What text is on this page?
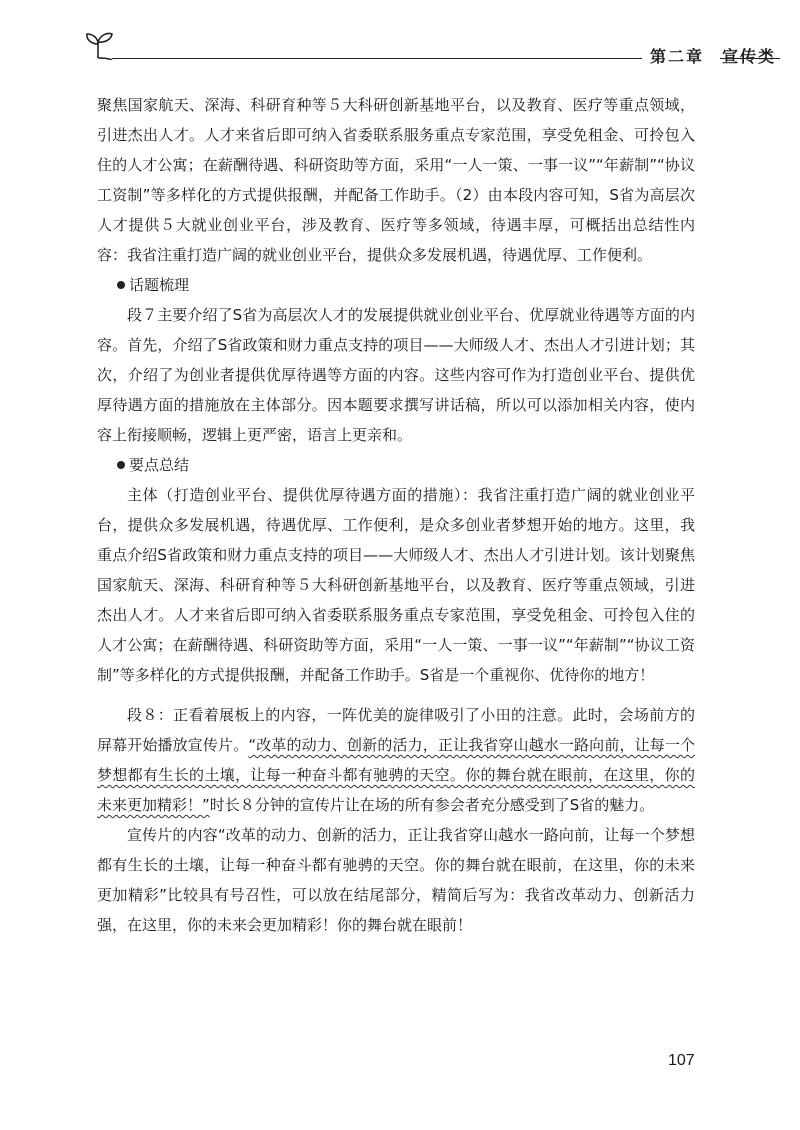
第二章　宣传类

聚焦国家航天、深海、科研育种等５大科研创新基地平台，以及教育、医疗等重点领域，引进杰出人才。人才来省后即可纳入省委联系服务重点专家范围，享受免租金、可拎包入住的人才公寓；在薪酬待遇、科研资助等方面，采用“一人一策、一事一议”“年薪制”“协议工资制”等多样化的方式提供报酬，并配备工作助手。（2）由本段内容可知，S省为高层次人才提供５大就业创业平台，涉及教育、医疗等多领域，待遇丰厚，可概括出总结性内容：我省注重打造广阔的就业创业平台，提供众多发展机遇，待遇优厚、工作便利。

话题梳理

段７主要介绍了S省为高层次人才的发展提供就业创业平台、优厚就业待遇等方面的内容。首先，介绍了S省政策和财力重点支持的项目——大师级人才、杰出人才引进计划；其次，介绍了为创业者提供优厚待遇等方面的内容。这些内容可作为打造创业平台、提供优厚待遇方面的措施放在主体部分。因本题要求撰写讲话稿，所以可以添加相关内容，使内容上衔接顺畅，逻辑上更严密，语言上更亲和。

要点总结

主体（打造创业平台、提供优厚待遇方面的措施）：我省注重打造广阔的就业创业平台，提供众多发展机遇，待遇优厚、工作便利，是众多创业者梦想开始的地方。这里，我重点介绍S省政策和财力重点支持的项目——大师级人才、杰出人才引进计划。该计划聚焦国家航天、深海、科研育种等５大科研创新基地平台，以及教育、医疗等重点领域，引进杰出人才。人才来省后即可纳入省委联系服务重点专家范围，享受免租金、可拎包入住的人才公寓；在薪酬待遇、科研资助等方面，采用“一人一策、一事一议”“年薪制”“协议工资制”等多样化的方式提供报酬，并配备工作助手。S省是一个重视你、优待你的地方！

段８：正看着展板上的内容，一阵优美的旋律吸引了小田的注意。此时，会场前方的屏幕开始播放宣传片。“改革的动力、创新的活力，正让我省穿山越水一路向前，让每一个梦想都有生长的土壤，让每一种奋斗都有驰骋的天空。你的舞台就在眼前，在这里，你的未来更加精彩！”时长８分钟的宣传片让在场的所有参会者充分感受到了S省的魅力。

宣传片的内容“改革的动力、创新的活力，正让我省穿山越水一路向前，让每一个梦想都有生长的土壤，让每一种奋斗都有驰骋的天空。你的舞台就在眼前，在这里，你的未来更加精彩”比较具有号召性，可以放在结尾部分，精简后写为：我省改革动力、创新活力强，在这里，你的未来会更加精彩！你的舞台就在眼前！

107
